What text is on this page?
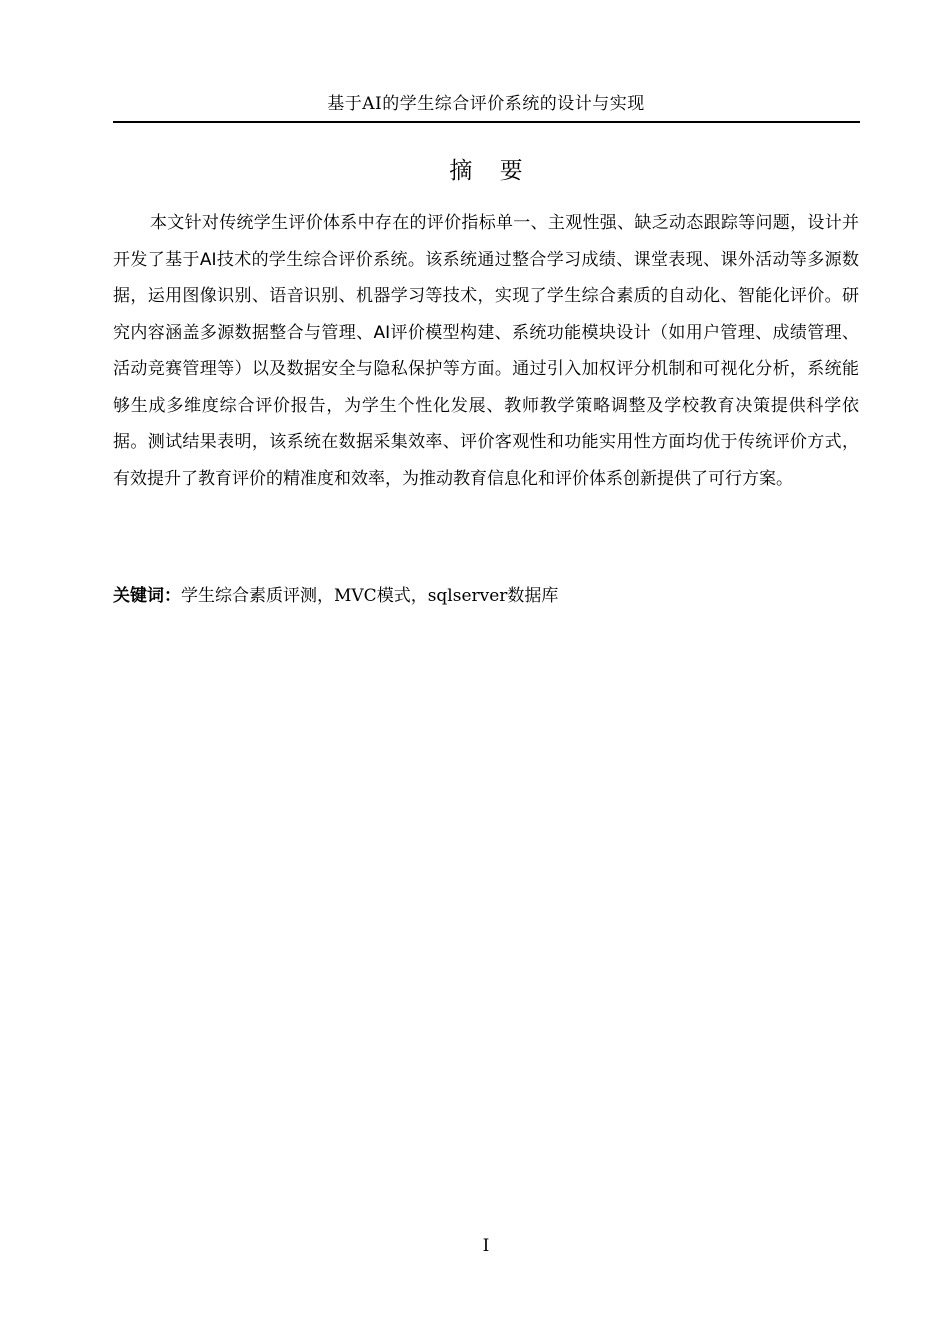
基于AI的学生综合评价系统的设计与实现
摘 要

本文针对传统学生评价体系中存在的评价指标单一、主观性强、缺乏动态跟踪等问题，设计并开发了基于AI技术的学生综合评价系统。该系统通过整合学习成绩、课堂表现、课外活动等多源数据，运用图像识别、语音识别、机器学习等技术，实现了学生综合素质的自动化、智能化评价。研究内容涵盖多源数据整合与管理、AI评价模型构建、系统功能模块设计（如用户管理、成绩管理、活动竞赛管理等）以及数据安全与隐私保护等方面。通过引入加权评分机制和可视化分析，系统能够生成多维度综合评价报告，为学生个性化发展、教师教学策略调整及学校教育决策提供科学依据。测试结果表明，该系统在数据采集效率、评价客观性和功能实用性方面均优于传统评价方式，有效提升了教育评价的精准度和效率，为推动教育信息化和评价体系创新提供了可行方案。

关键词：学生综合素质评测，MVC模式，sqlserver数据库
I
